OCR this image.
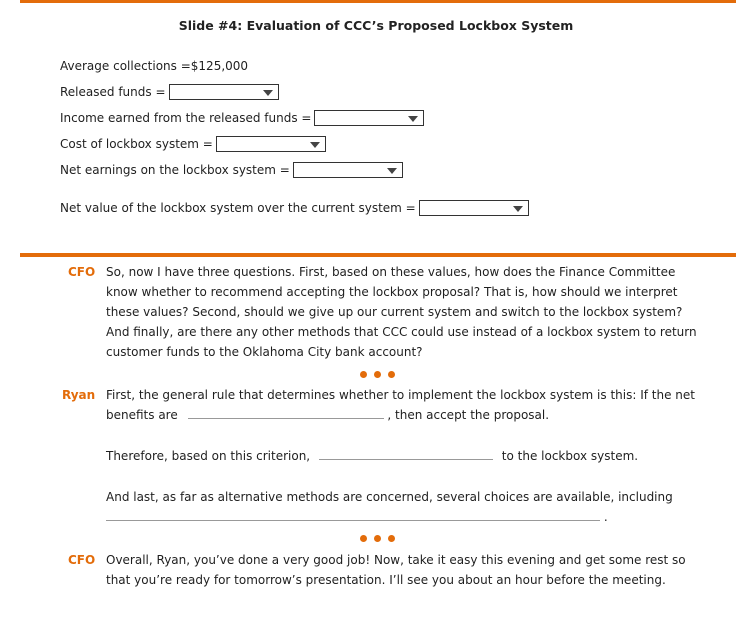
Slide #4: Evaluation of CCC’s Proposed Lockbox System
Average collections =$125,000
Released funds =
Income earned from the released funds =
Cost of lockbox system =
Net earnings on the lockbox system =
Net value of the lockbox system over the current system =
CFO So, now I have three questions. First, based on these values, how does the Finance Committee know whether to recommend accepting the lockbox proposal? That is, how should we interpret these values? Second, should we give up our current system and switch to the lockbox system? And finally, are there any other methods that CCC could use instead of a lockbox system to return customer funds to the Oklahoma City bank account?
Ryan First, the general rule that determines whether to implement the lockbox system is this: If the net benefits are	, then accept the proposal.
Therefore, based on this criterion,	to the lockbox system.
And last, as far as alternative methods are concerned, several choices are available, including
.
CFO Overall, Ryan, you’ve done a very good job! Now, take it easy this evening and get some rest so that you’re ready for tomorrow’s presentation. I’ll see you about an hour before the meeting.
